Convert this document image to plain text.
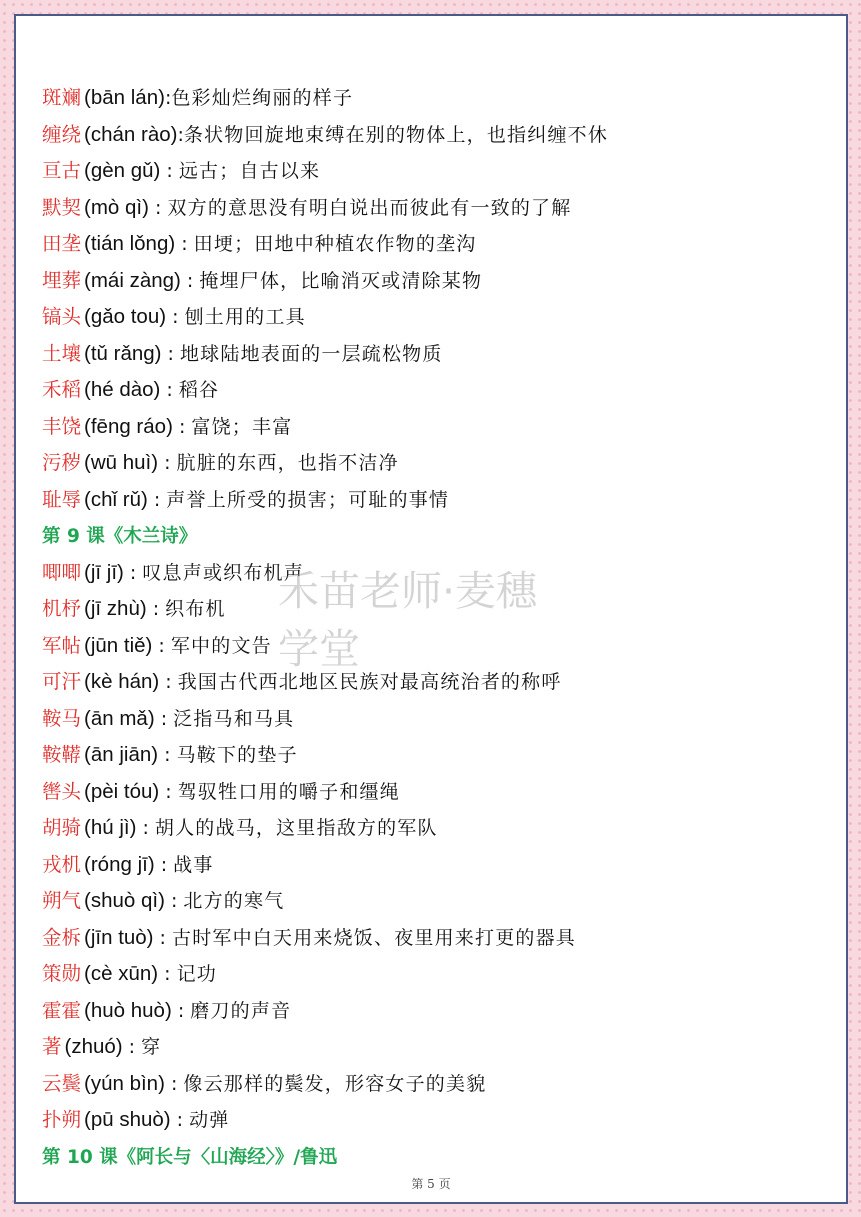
斑斓 (bān lán):色彩灿烂绚丽的样子
缠绕 (chán rào):条状物回旋地束缚在别的物体上，也指纠缠不休
亘古 (gèn gǔ) : 远古；自古以来
默契 (mò qì) : 双方的意思没有明白说出而彼此有一致的了解
田垄 (tián lǒng) : 田埂；田地中种植农作物的垄沟
埋葬 (mái zàng) : 掩埋尸体，比喻消灭或清除某物
镐头 (gǎo tou) : 刨土用的工具
土壤 (tǔ rǎng) : 地球陆地表面的一层疏松物质
禾稻 (hé dào) : 稻谷
丰饶 (fēng ráo) : 富饶；丰富
污秽 (wū huì) : 肮脏的东西，也指不洁净
耻辱 (chǐ rǔ) : 声誉上所受的损害；可耻的事情
第 9 课《木兰诗》
唧唧 (jī jī) : 叹息声或织布机声
机杼 (jī zhù) : 织布机
军帖 (jūn tiě) : 军中的文告
可汗 (kè hán) : 我国古代西北地区民族对最高统治者的称呼
鞍马 (ān mǎ) : 泛指马和马具
鞍鞯 (ān jiān) : 马鞍下的垫子
辔头 (pèi tóu) : 驾驭牲口用的嚼子和缰绳
胡骑 (hú jì) : 胡人的战马，这里指敌方的军队
戎机 (róng jī) : 战事
朔气 (shuò qì) : 北方的寒气
金柝 (jīn tuò) : 古时军中白天用来烧饭、夜里用来打更的器具
策勋 (cè xūn) : 记功
霍霍 (huò huò) : 磨刀的声音
著 (zhuó) : 穿
云鬓 (yún bìn) : 像云那样的鬓发，形容女子的美貌
扑朔 (pū shuò) : 动弹
第 10 课《阿长与〈山海经〉》/鲁迅
禾苗老师·麦穗 学堂
第 5 页
